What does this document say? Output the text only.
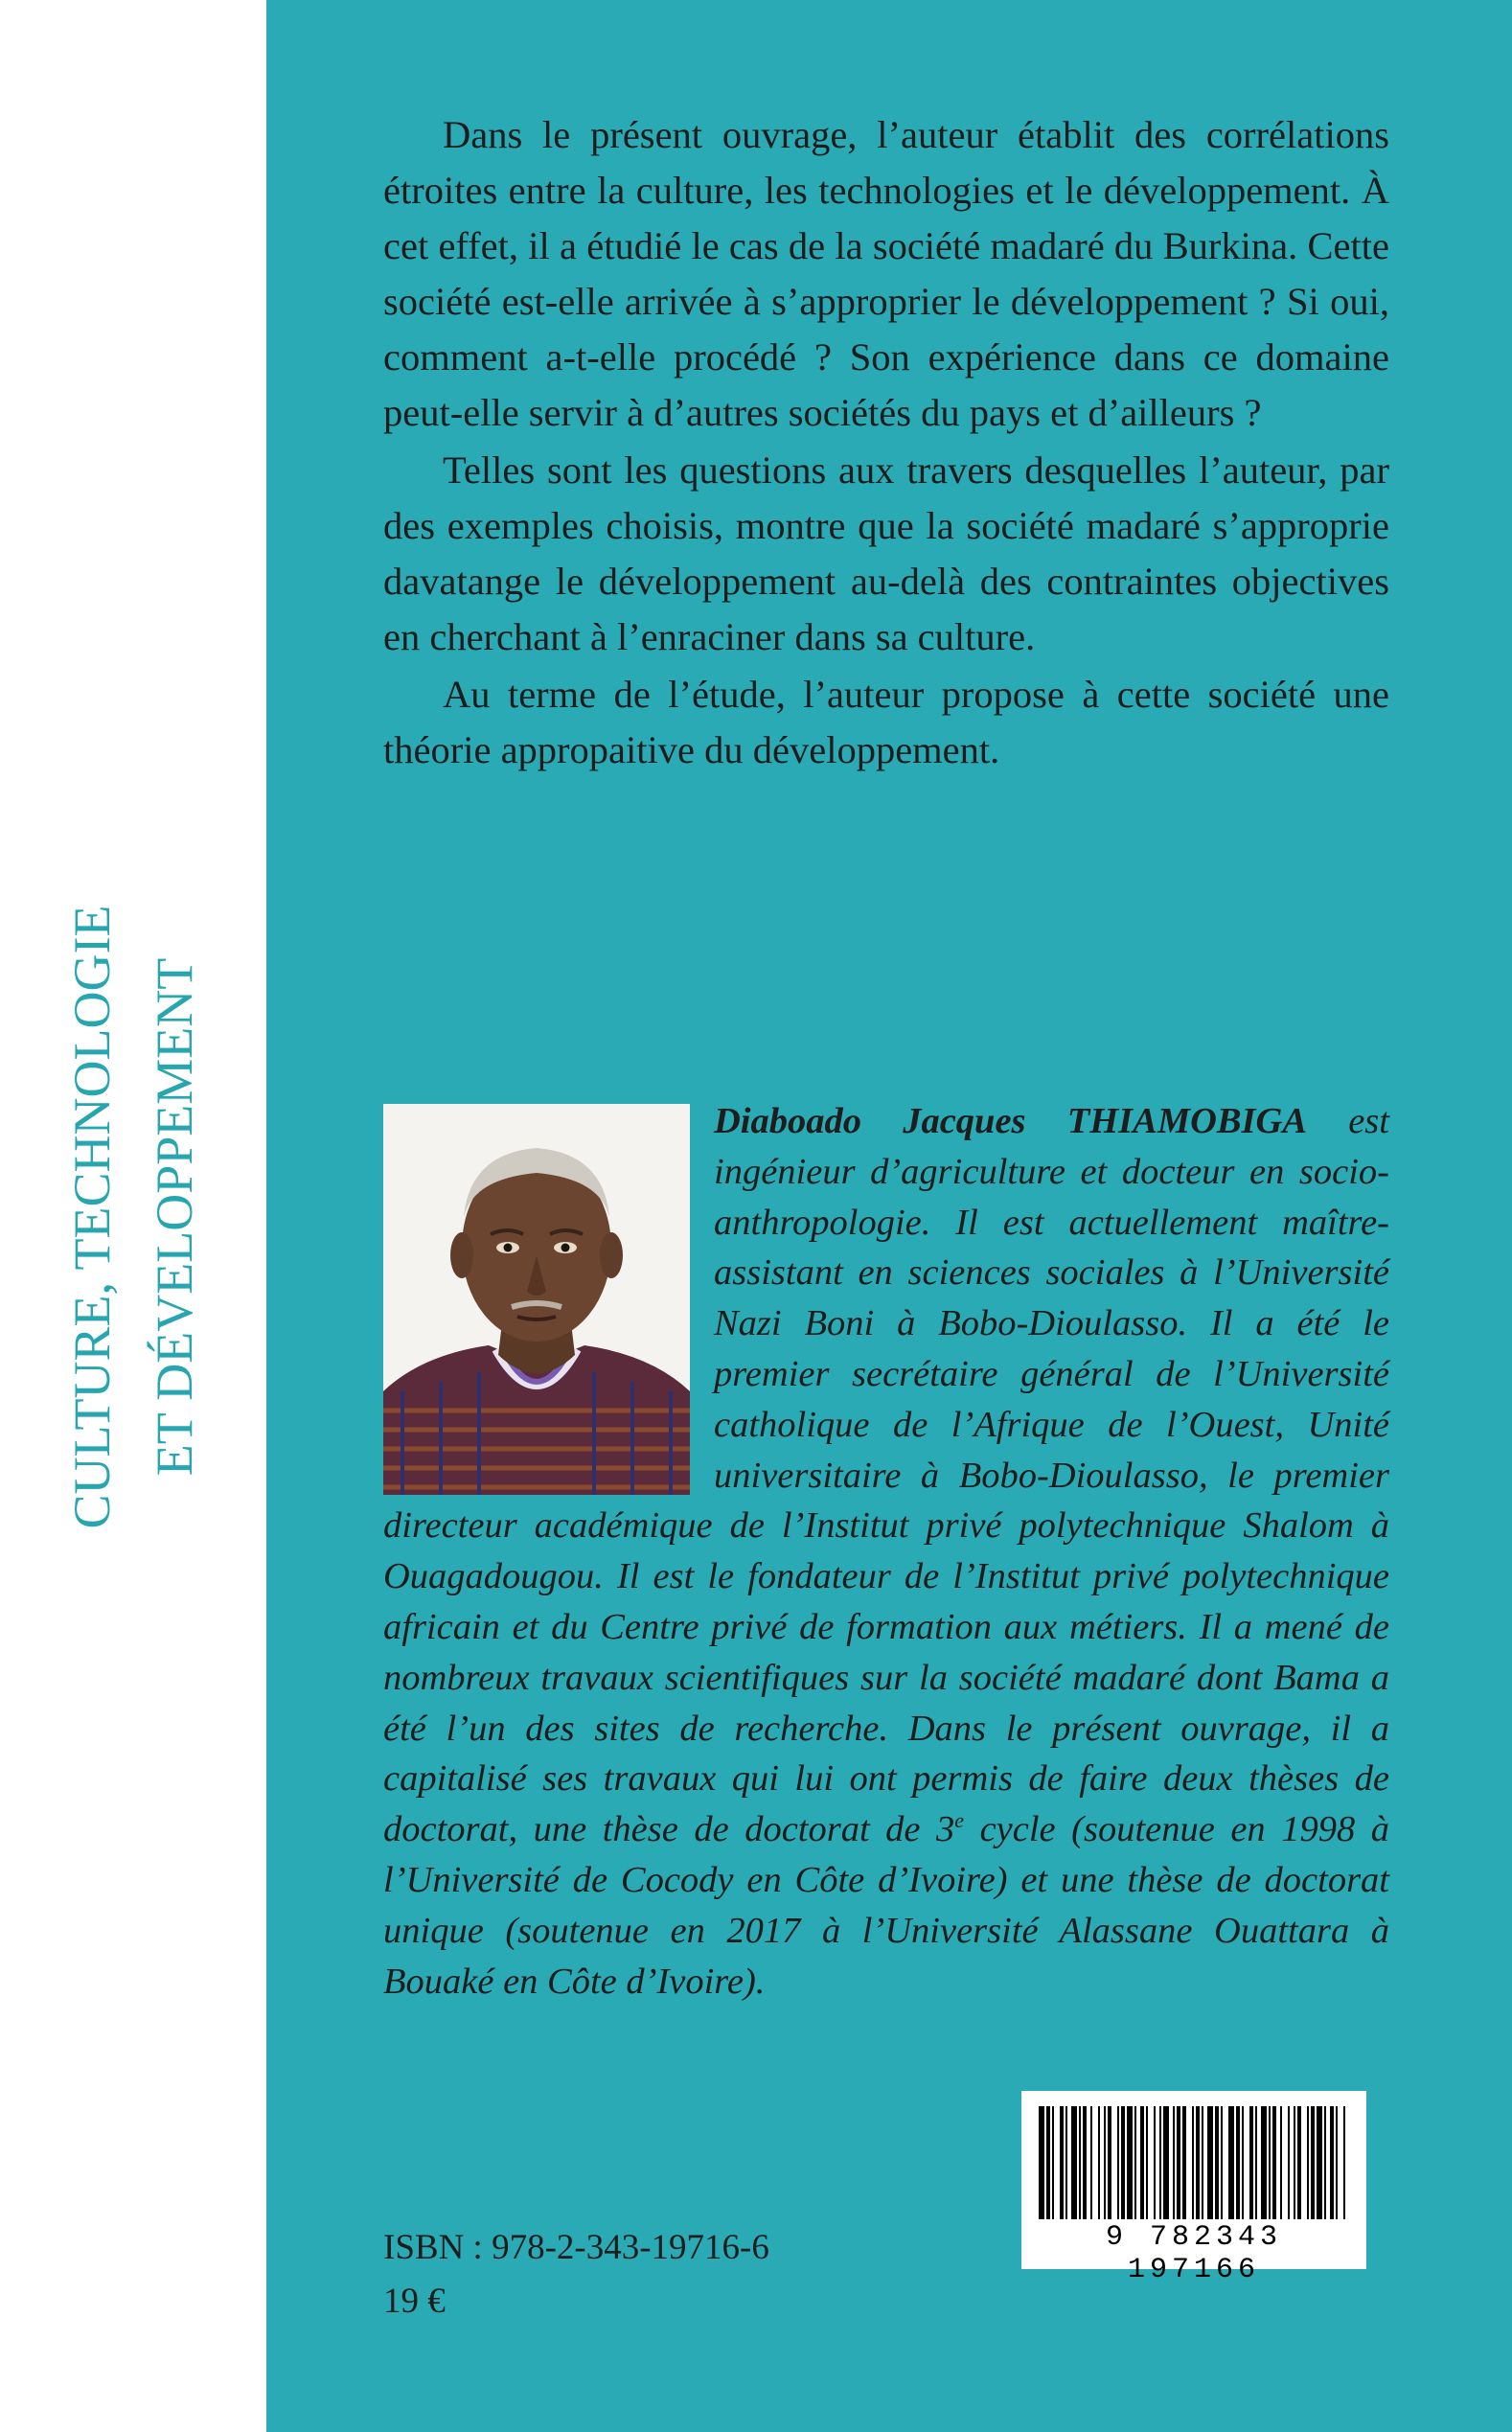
CULTURE, TECHNOLOGIE ET DÉVELOPPEMENT

Dans le présent ouvrage, l’auteur établit des corrélations étroites entre la culture, les technologies et le développement. À cet effet, il a étudié le cas de la société madaré du Burkina. Cette société est-elle arrivée à s’approprier le développement ? Si oui, comment a-t-elle procédé ? Son expérience dans ce domaine peut-elle servir à d’autres sociétés du pays et d’ailleurs ?

Telles sont les questions aux travers desquelles l’auteur, par des exemples choisis, montre que la société madaré s’approprie davatange le développement au-delà des contraintes objectives en cherchant à l’enraciner dans sa culture.

Au terme de l’étude, l’auteur propose à cette société une théorie appropaitive du développement.

Diaboado Jacques THIAMOBIGA est ingénieur d’agriculture et docteur en socio-anthropologie. Il est actuellement maître-assistant en sciences sociales à l’Université Nazi Boni à Bobo-Dioulasso. Il a été le premier secrétaire général de l’Université catholique de l’Afrique de l’Ouest, Unité universitaire à Bobo-Dioulasso, le premier directeur académique de l’Institut privé polytechnique Shalom à Ouagadougou. Il est le fondateur de l’Institut privé polytechnique africain et du Centre privé de formation aux métiers. Il a mené de nombreux travaux scientifiques sur la société madaré dont Bama a été l’un des sites de recherche. Dans le présent ouvrage, il a capitalisé ses travaux qui lui ont permis de faire deux thèses de doctorat, une thèse de doctorat de 3e cycle (soutenue en 1998 à l’Université de Cocody en Côte d’Ivoire) et une thèse de doctorat unique (soutenue en 2017 à l’Université Alassane Ouattara à Bouaké en Côte d’Ivoire).
ISBN : 978-2-343-19716-6
19 €
9 782343 197166
